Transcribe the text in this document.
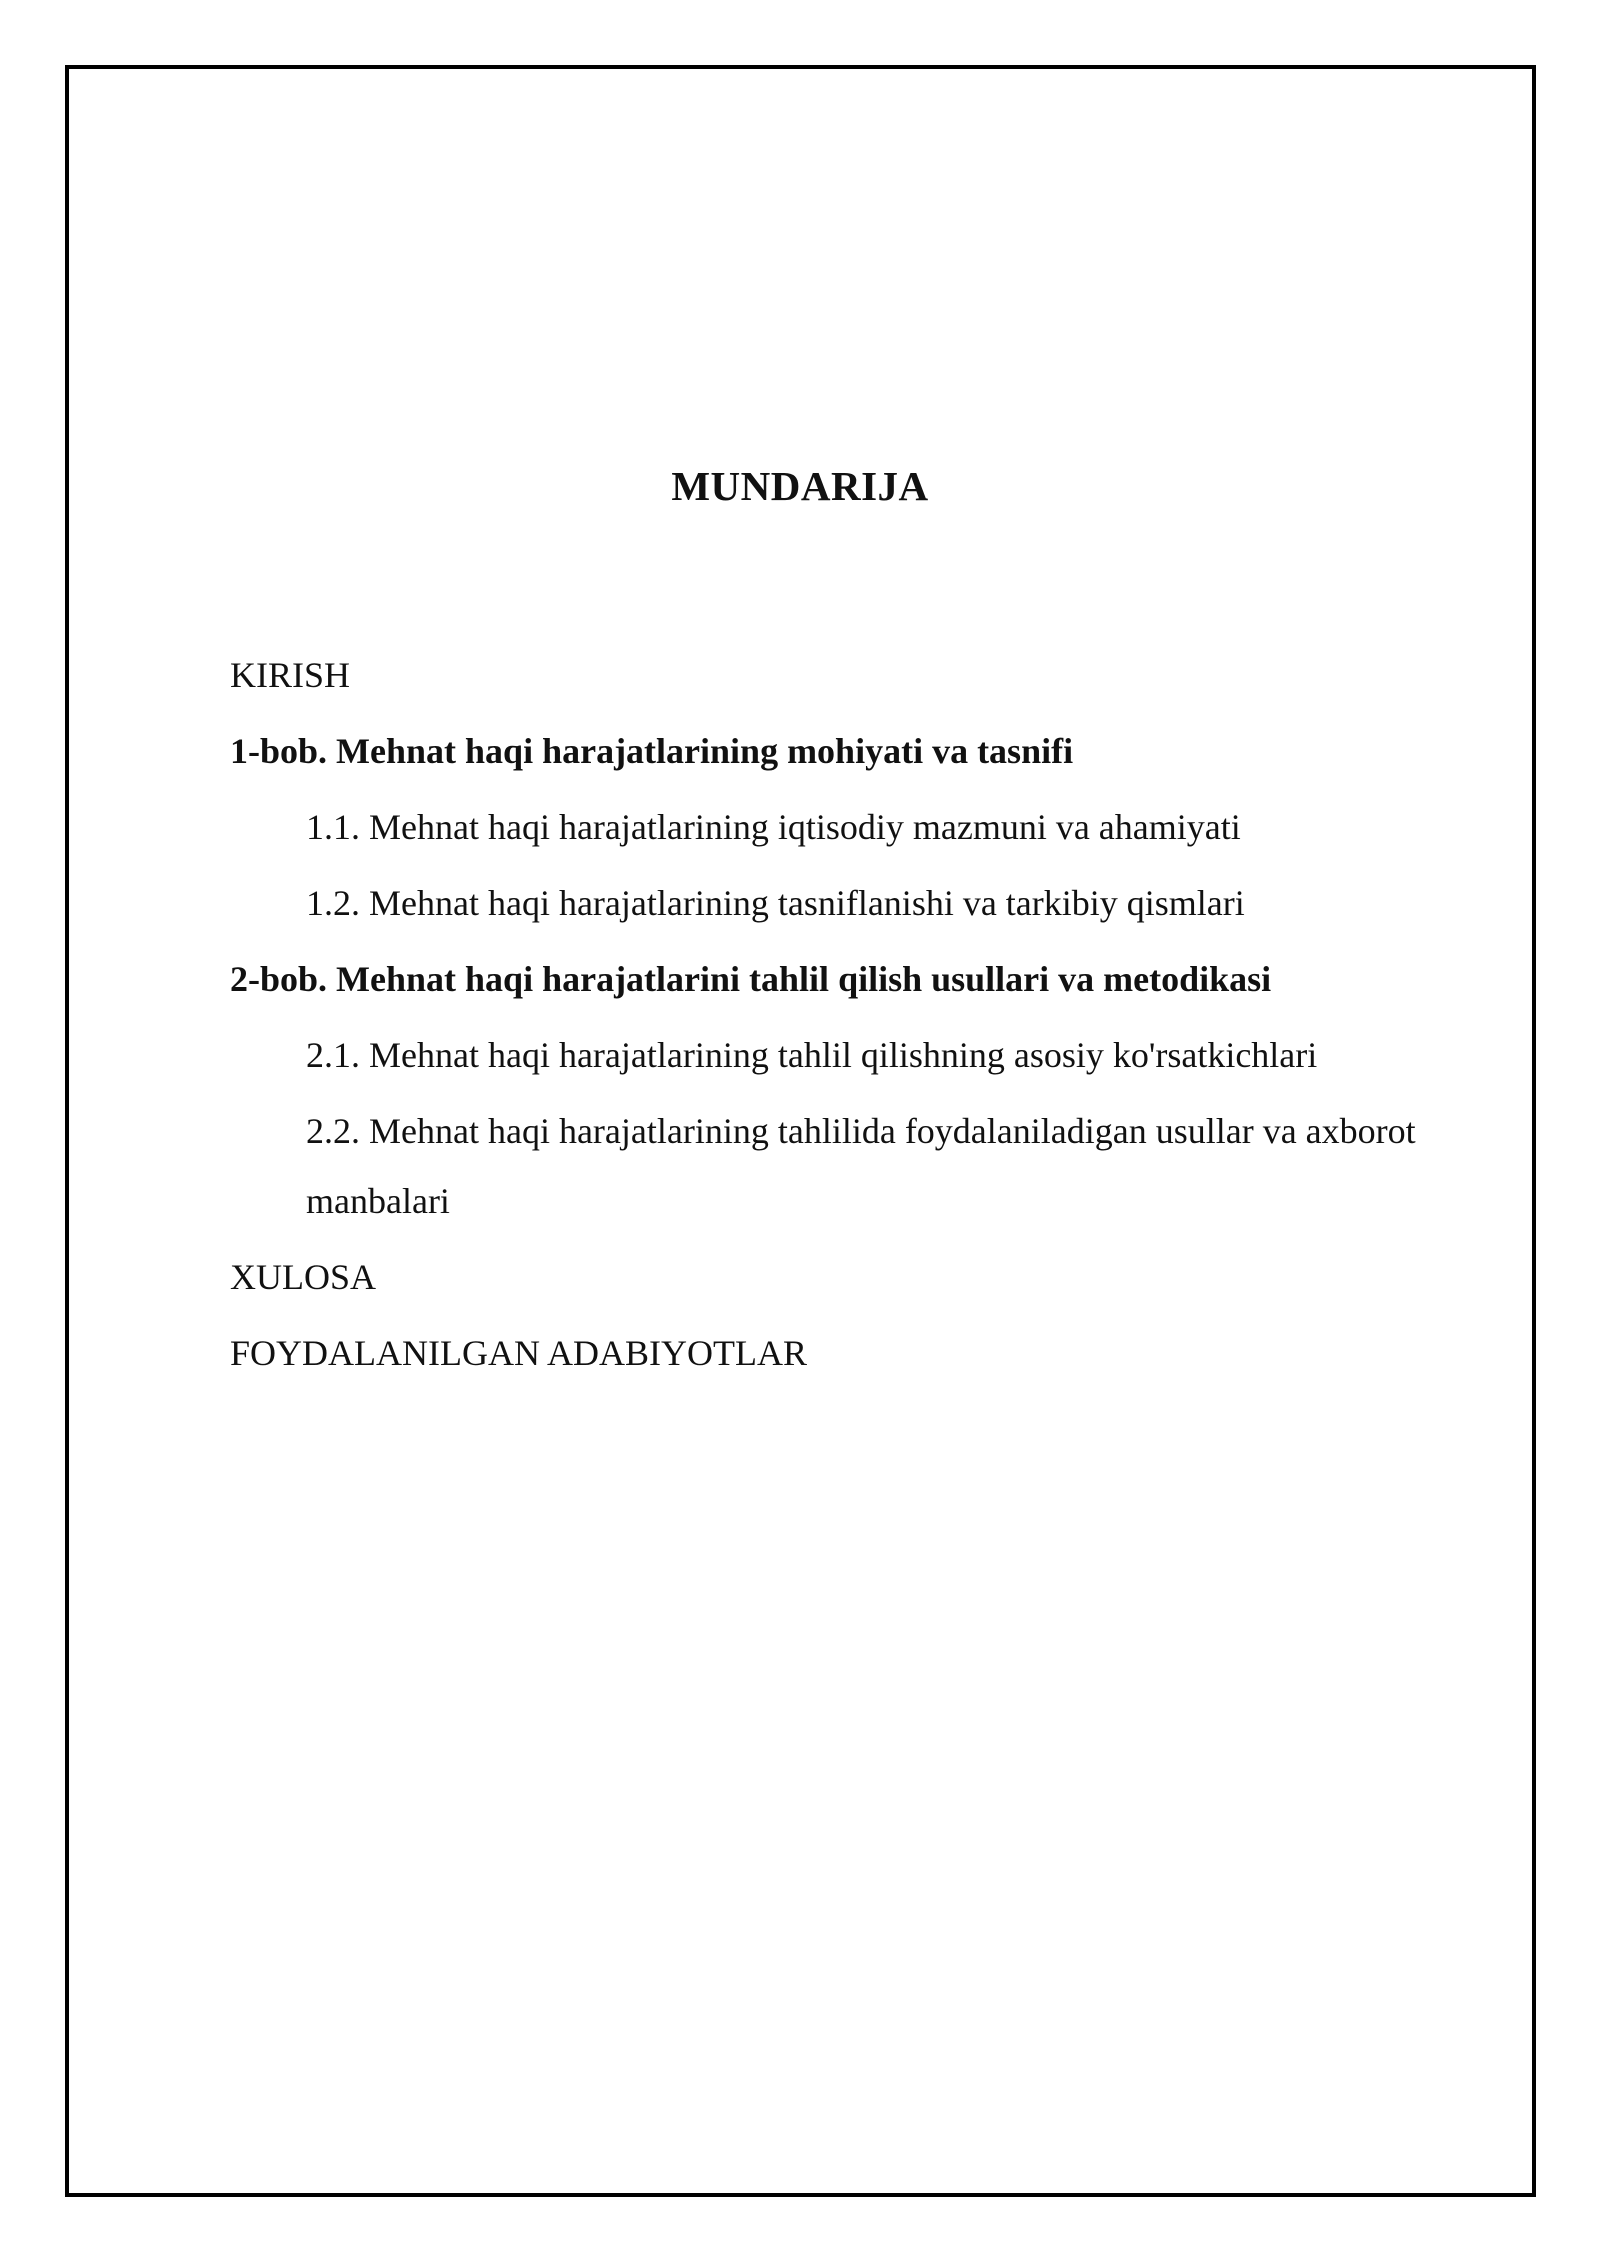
MUNDARIJA
KIRISH
1-bob. Mehnat haqi harajatlarining mohiyati va tasnifi
1.1. Mehnat haqi harajatlarining iqtisodiy mazmuni va ahamiyati
1.2. Mehnat haqi harajatlarining tasniflanishi va tarkibiy qismlari
2-bob. Mehnat haqi harajatlarini tahlil qilish usullari va metodikasi
2.1. Mehnat haqi harajatlarining tahlil qilishning asosiy ko'rsatkichlari
2.2. Mehnat haqi harajatlarining tahlilida foydalaniladigan usullar va axborot manbalari
XULOSA
FOYDALANILGAN ADABIYOTLAR
